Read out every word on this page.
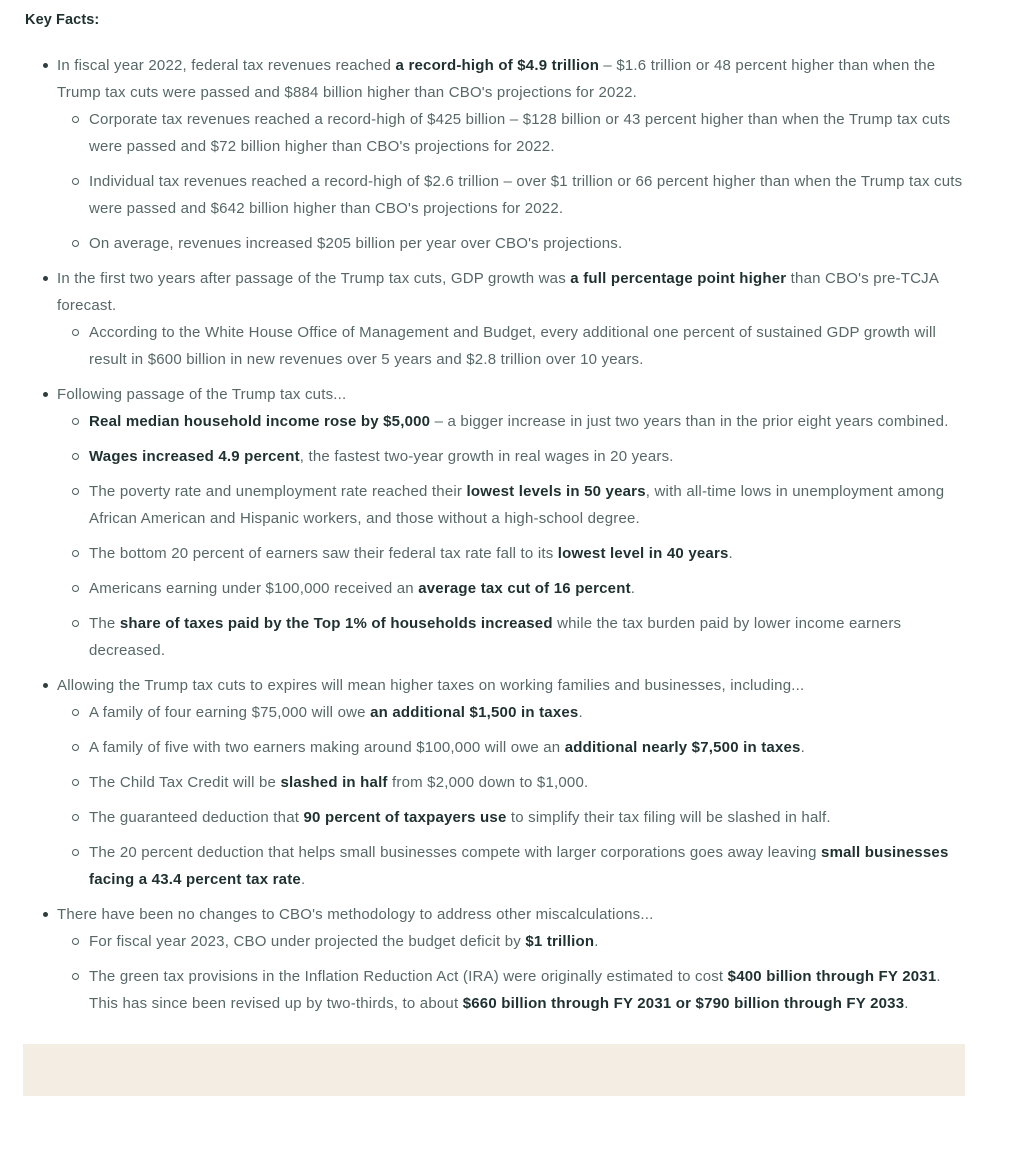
Key Facts:
In fiscal year 2022, federal tax revenues reached a record-high of $4.9 trillion – $1.6 trillion or 48 percent higher than when the Trump tax cuts were passed and $884 billion higher than CBO's projections for 2022.
Corporate tax revenues reached a record-high of $425 billion – $128 billion or 43 percent higher than when the Trump tax cuts were passed and $72 billion higher than CBO's projections for 2022.
Individual tax revenues reached a record-high of $2.6 trillion – over $1 trillion or 66 percent higher than when the Trump tax cuts were passed and $642 billion higher than CBO's projections for 2022.
On average, revenues increased $205 billion per year over CBO's projections.
In the first two years after passage of the Trump tax cuts, GDP growth was a full percentage point higher than CBO's pre-TCJA forecast.
According to the White House Office of Management and Budget, every additional one percent of sustained GDP growth will result in $600 billion in new revenues over 5 years and $2.8 trillion over 10 years.
Following passage of the Trump tax cuts...
Real median household income rose by $5,000 – a bigger increase in just two years than in the prior eight years combined.
Wages increased 4.9 percent, the fastest two-year growth in real wages in 20 years.
The poverty rate and unemployment rate reached their lowest levels in 50 years, with all-time lows in unemployment among African American and Hispanic workers, and those without a high-school degree.
The bottom 20 percent of earners saw their federal tax rate fall to its lowest level in 40 years.
Americans earning under $100,000 received an average tax cut of 16 percent.
The share of taxes paid by the Top 1% of households increased while the tax burden paid by lower income earners decreased.
Allowing the Trump tax cuts to expires will mean higher taxes on working families and businesses, including...
A family of four earning $75,000 will owe an additional $1,500 in taxes.
A family of five with two earners making around $100,000 will owe an additional nearly $7,500 in taxes.
The Child Tax Credit will be slashed in half from $2,000 down to $1,000.
The guaranteed deduction that 90 percent of taxpayers use to simplify their tax filing will be slashed in half.
The 20 percent deduction that helps small businesses compete with larger corporations goes away leaving small businesses facing a 43.4 percent tax rate.
There have been no changes to CBO's methodology to address other miscalculations...
For fiscal year 2023, CBO under projected the budget deficit by $1 trillion.
The green tax provisions in the Inflation Reduction Act (IRA) were originally estimated to cost $400 billion through FY 2031. This has since been revised up by two-thirds, to about $660 billion through FY 2031 or $790 billion through FY 2033.
